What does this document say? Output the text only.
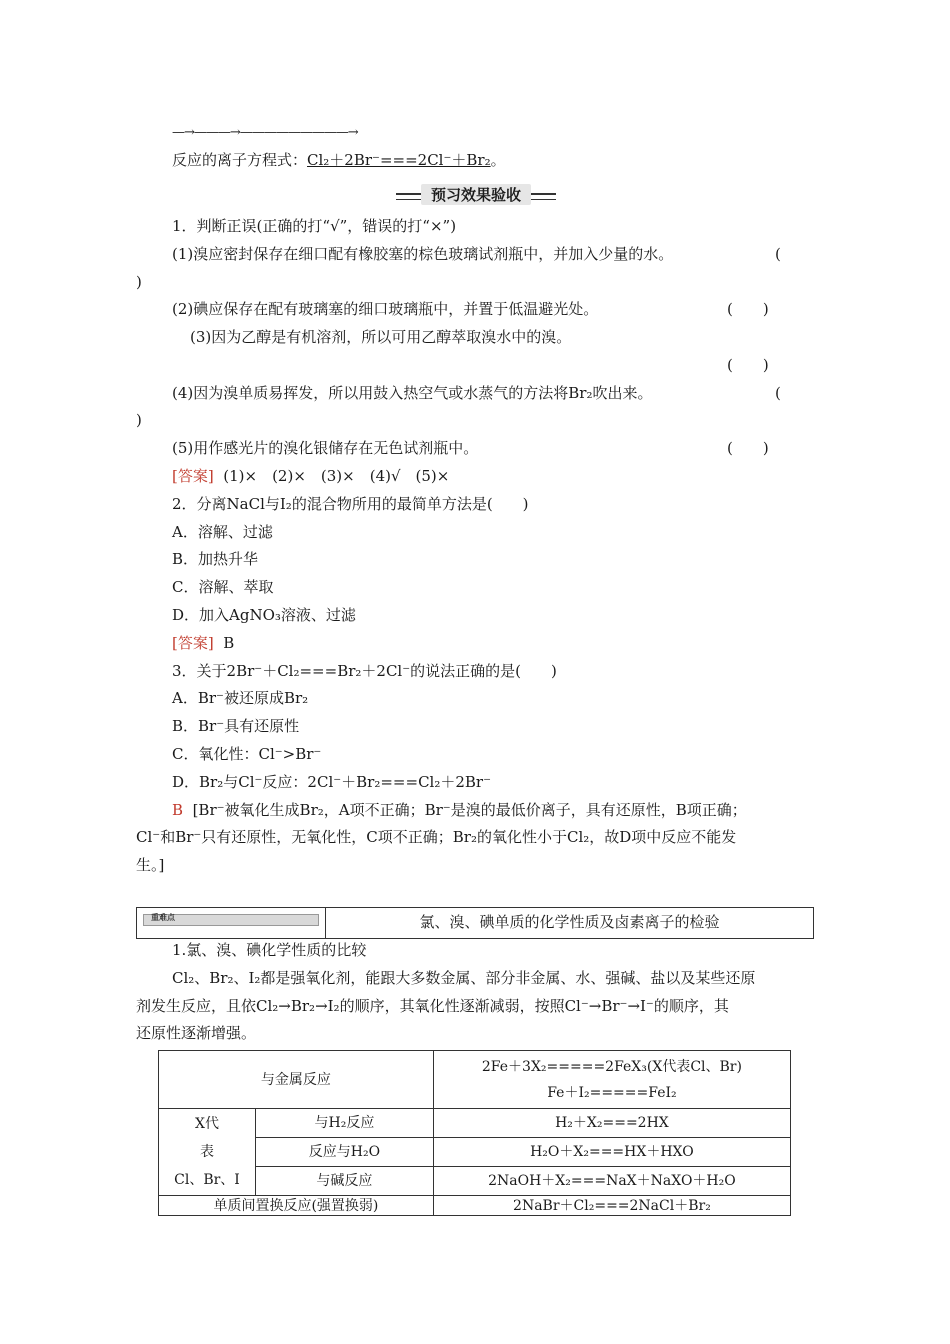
—→———→—————————→
反应的离子方程式：Cl₂＋2Br⁻===2Cl⁻＋Br₂。
预习效果验收
1．判断正误(正确的打“√”，错误的打“×”)
(1)溴应密封保存在细口配有橡胶塞的棕色玻璃试剂瓶中，并加入少量的水。	(
)
(2)碘应保存在配有玻璃塞的细口玻璃瓶中，并置于低温避光处。	(　　)
(3)因为乙醇是有机溶剂，所以可用乙醇萃取溴水中的溴。
(　　)
(4)因为溴单质易挥发，所以用鼓入热空气或水蒸气的方法将Br₂吹出来。	(
)
(5)用作感光片的溴化银储存在无色试剂瓶中。	(　　)
[答案] (1)×　(2)×　(3)×　(4)√　(5)×
2．分离NaCl与I₂的混合物所用的最简单方法是(　　)
A．溶解、过滤
B．加热升华
C．溶解、萃取
D．加入AgNO₃溶液、过滤
[答案] B
3．关于2Br⁻＋Cl₂===Br₂＋2Cl⁻的说法正确的是(　　)
A．Br⁻被还原成Br₂
B．Br⁻具有还原性
C．氧化性：Cl⁻>Br⁻
D．Br₂与Cl⁻反应：2Cl⁻＋Br₂===Cl₂＋2Br⁻
B [Br⁻被氧化生成Br₂，A项不正确；Br⁻是溴的最低价离子，具有还原性，B项正确；
Cl⁻和Br⁻只有还原性，无氧化性，C项不正确；Br₂的氧化性小于Cl₂，故D项中反应不能发
生。]
重难点	氯、溴、碘单质的化学性质及卤素离子的检验
1.氯、溴、碘化学性质的比较
Cl₂、Br₂、I₂都是强氧化剂，能跟大多数金属、部分非金属、水、强碱、盐以及某些还原
剂发生反应，且依Cl₂→Br₂→I₂的顺序，其氧化性逐渐减弱，按照Cl⁻→Br⁻→I⁻的顺序，其
还原性逐渐增强。
与金属反应		2Fe＋3X₂=====2FeX₃(X代表Cl、Br)
Fe＋I₂=====FeI₂

X代
表
Cl、Br、I	与H₂反应	H₂＋X₂===2HX
	反应与H₂O	H₂O＋X₂===HX＋HXO
	与碱反应	2NaOH＋X₂===NaX＋NaXO＋H₂O
单质间置换反应(强置换弱)		2NaBr＋Cl₂===2NaCl＋Br₂
